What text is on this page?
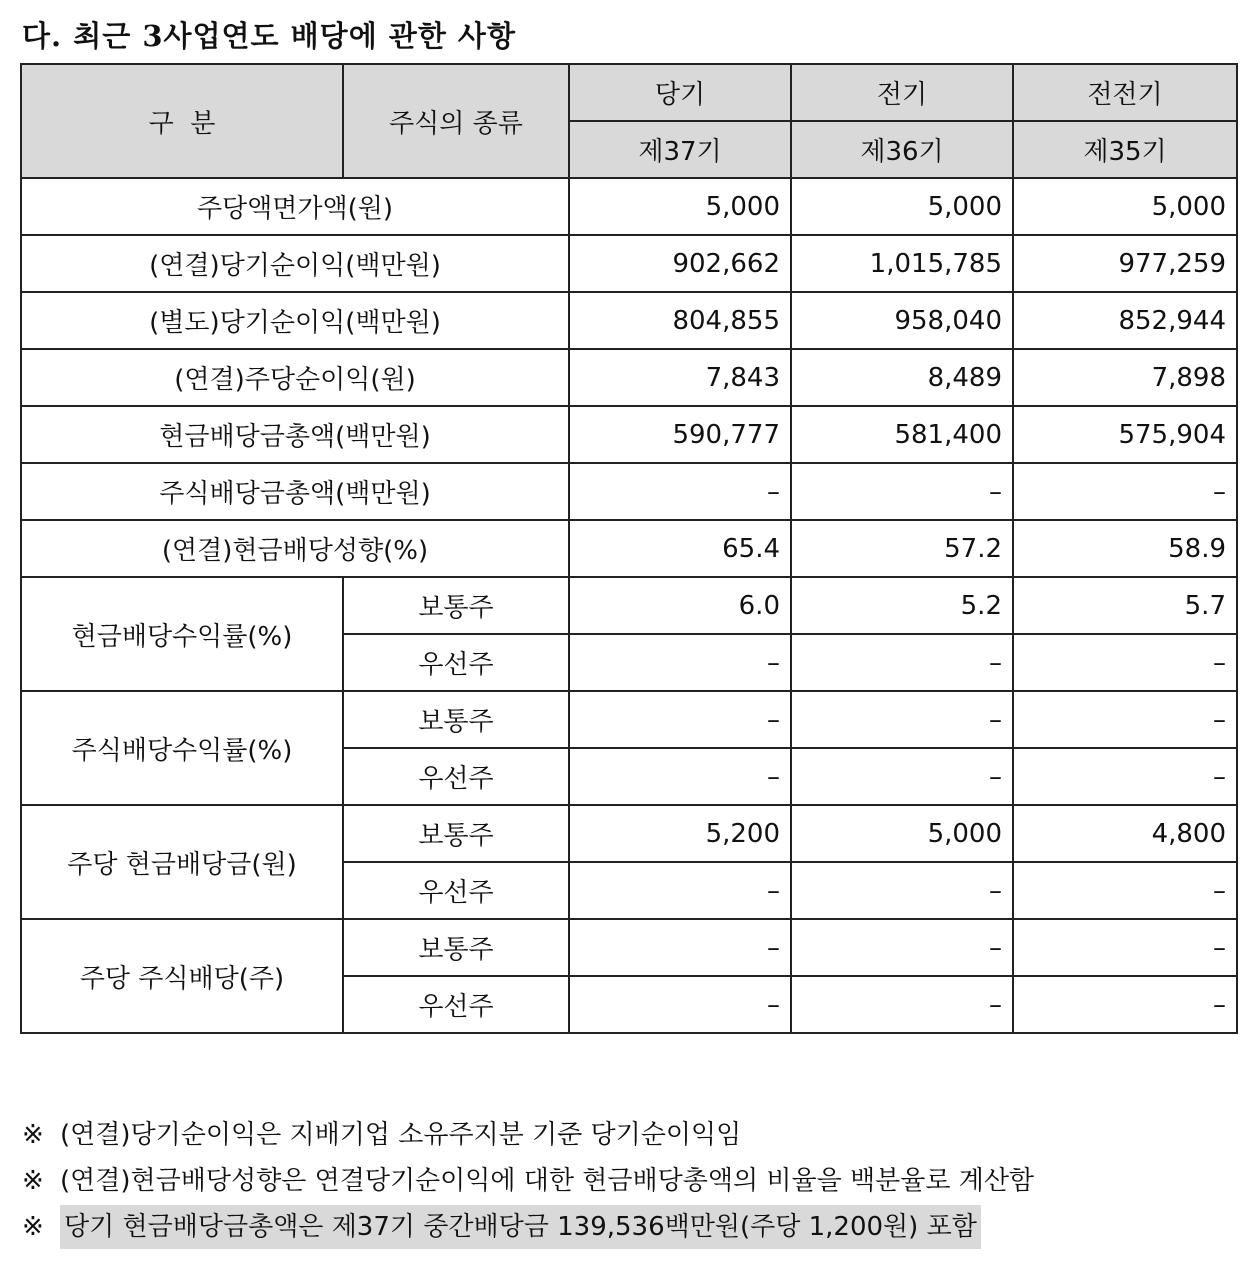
다. 최근 3사업연도 배당에 관한 사항
구  분	주식의 종류	당기	전기	전전기
		제37기	제36기	제35기
주당액면가액(원)		5,000	5,000	5,000
(연결)당기순이익(백만원)		902,662	1,015,785	977,259
(별도)당기순이익(백만원)		804,855	958,040	852,944
(연결)주당순이익(원)		7,843	8,489	7,898
현금배당금총액(백만원)		590,777	581,400	575,904
주식배당금총액(백만원)		–	–	–
(연결)현금배당성향(%)		65.4	57.2	58.9
현금배당수익률(%)	보통주	6.0	5.2	5.7
	우선주	–	–	–
주식배당수익률(%)	보통주	–	–	–
	우선주	–	–	–
주당 현금배당금(원)	보통주	5,200	5,000	4,800
	우선주	–	–	–
주당 주식배당(주)	보통주	–	–	–
	우선주	–	–	–
※ (연결)당기순이익은 지배기업 소유주지분 기준 당기순이익임
※ (연결)현금배당성향은 연결당기순이익에 대한 현금배당총액의 비율을 백분율로 계산함
※ 당기 현금배당금총액은 제37기 중간배당금 139,536백만원(주당 1,200원) 포함
